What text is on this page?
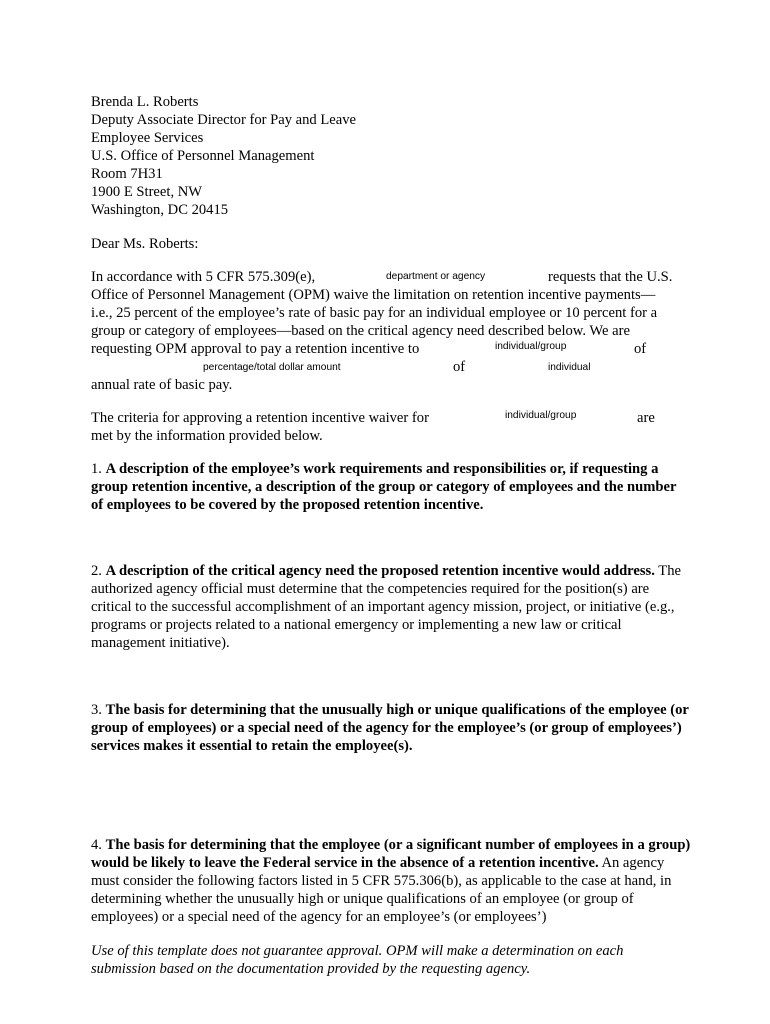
Brenda L. Roberts
Deputy Associate Director for Pay and Leave
Employee Services
U.S. Office of Personnel Management
Room 7H31
1900 E Street, NW
Washington, DC 20415
Dear Ms. Roberts:
In accordance with 5 CFR 575.309(e),	department or agency	requests that the U.S.
Office of Personnel Management (OPM) waive the limitation on retention incentive payments—
i.e., 25 percent of the employee’s rate of basic pay for an individual employee or 10 percent for a
group or category of employees—based on the critical agency need described below. We are
requesting OPM approval to pay a retention incentive to	individual/group	of
percentage/total dollar amount	of	individual
annual rate of basic pay.
The criteria for approving a retention incentive waiver for	individual/group	are
met by the information provided below.

1. A description of the employee’s work requirements and responsibilities or, if requesting a group retention incentive, a description of the group or category of employees and the number of employees to be covered by the proposed retention incentive.

2. A description of the critical agency need the proposed retention incentive would address. The authorized agency official must determine that the competencies required for the position(s) are critical to the successful accomplishment of an important agency mission, project, or initiative (e.g., programs or projects related to a national emergency or implementing a new law or critical management initiative).

3. The basis for determining that the unusually high or unique qualifications of the employee (or group of employees) or a special need of the agency for the employee’s (or group of employees’) services makes it essential to retain the employee(s).

4. The basis for determining that the employee (or a significant number of employees in a group) would be likely to leave the Federal service in the absence of a retention incentive. An agency must consider the following factors listed in 5 CFR 575.306(b), as applicable to the case at hand, in determining whether the unusually high or unique qualifications of an employee (or group of employees) or a special need of the agency for an employee’s (or employees’)

Use of this template does not guarantee approval. OPM will make a determination on each submission based on the documentation provided by the requesting agency.
